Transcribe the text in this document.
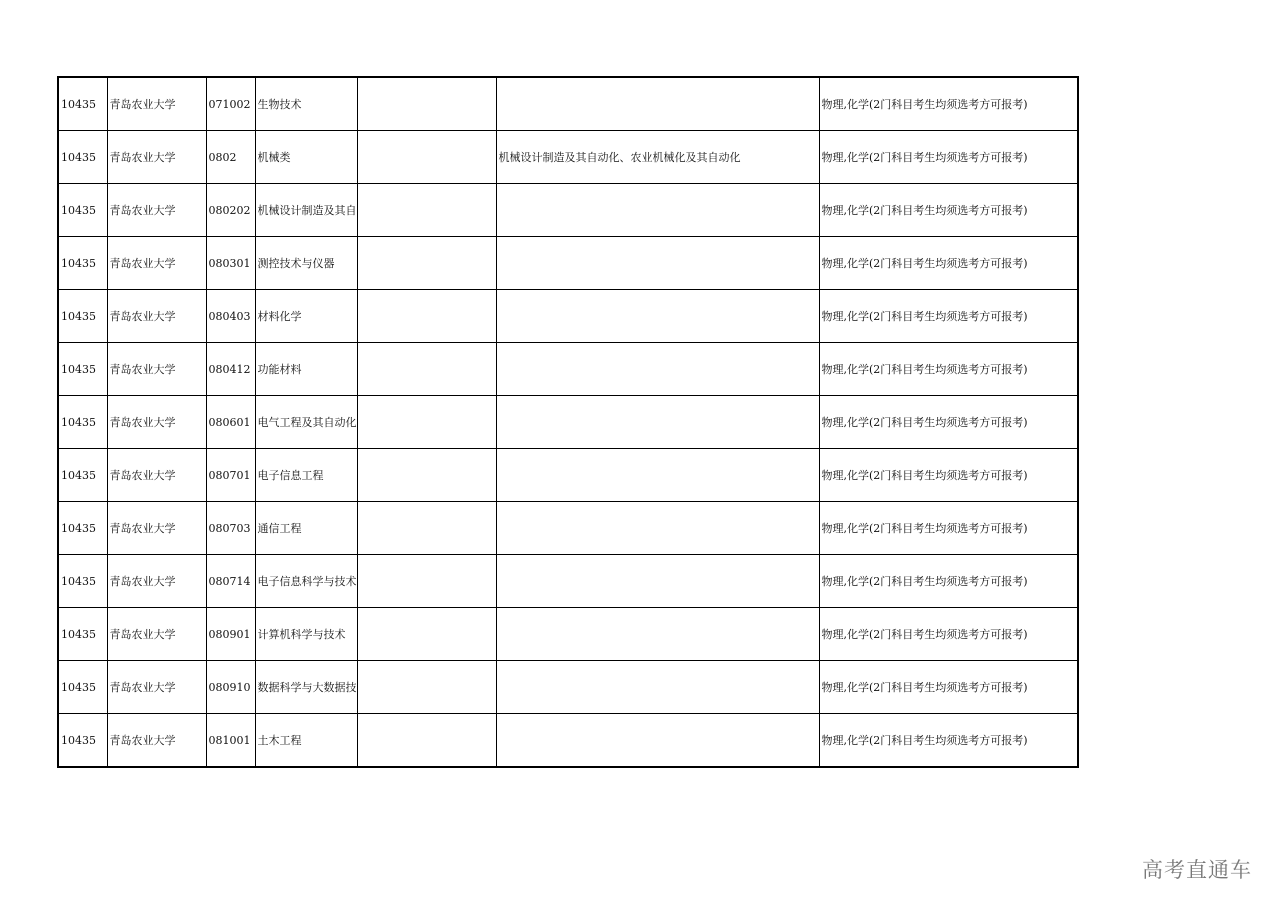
10435	青岛农业大学	071002	生物技术			物理,化学(2门科目考生均须选考方可报考)
10435	青岛农业大学	0802	机械类		机械设计制造及其自动化、农业机械化及其自动化	物理,化学(2门科目考生均须选考方可报考)
10435	青岛农业大学	080202	机械设计制造及其自			物理,化学(2门科目考生均须选考方可报考)
10435	青岛农业大学	080301	测控技术与仪器			物理,化学(2门科目考生均须选考方可报考)
10435	青岛农业大学	080403	材料化学			物理,化学(2门科目考生均须选考方可报考)
10435	青岛农业大学	080412	功能材料			物理,化学(2门科目考生均须选考方可报考)
10435	青岛农业大学	080601	电气工程及其自动化			物理,化学(2门科目考生均须选考方可报考)
10435	青岛农业大学	080701	电子信息工程			物理,化学(2门科目考生均须选考方可报考)
10435	青岛农业大学	080703	通信工程			物理,化学(2门科目考生均须选考方可报考)
10435	青岛农业大学	080714	电子信息科学与技术			物理,化学(2门科目考生均须选考方可报考)
10435	青岛农业大学	080901	计算机科学与技术			物理,化学(2门科目考生均须选考方可报考)
10435	青岛农业大学	080910	数据科学与大数据技			物理,化学(2门科目考生均须选考方可报考)
10435	青岛农业大学	081001	土木工程			物理,化学(2门科目考生均须选考方可报考)
高考直通车
